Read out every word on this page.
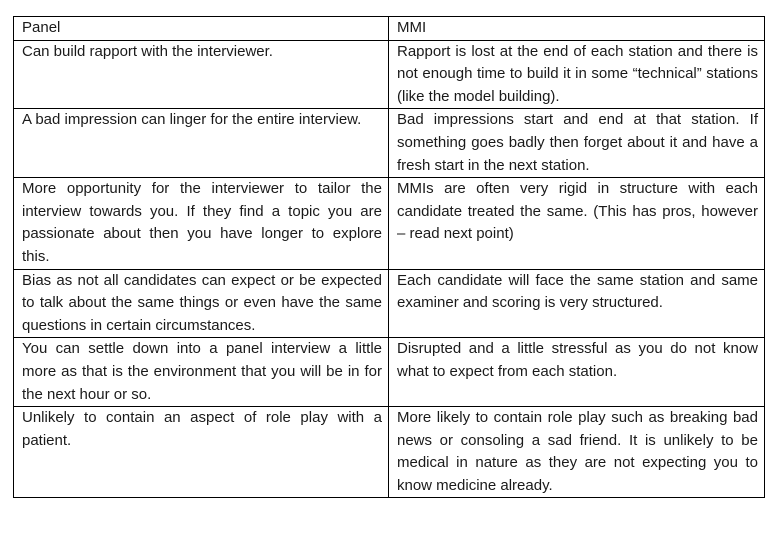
Panel	MMI
Can build rapport with the interviewer.	Rapport is lost at the end of each station and there is not enough time to build it in some “technical” stations (like the model building).
A bad impression can linger for the entire interview.	Bad impressions start and end at that station. If something goes badly then forget about it and have a fresh start in the next station.
More opportunity for the interviewer to tailor the interview towards you. If they find a topic you are passionate about then you have longer to explore this.	MMIs are often very rigid in structure with each candidate treated the same. (This has pros, however – read next point)
Bias as not all candidates can expect or be expected to talk about the same things or even have the same questions in certain circumstances.	Each candidate will face the same station and same examiner and scoring is very structured.
You can settle down into a panel interview a little more as that is the environment that you will be in for the next hour or so.	Disrupted and a little stressful as you do not know what to expect from each station.
Unlikely to contain an aspect of role play with a patient.	More likely to contain role play such as breaking bad news or consoling a sad friend. It is unlikely to be medical in nature as they are not expecting you to know medicine already.
